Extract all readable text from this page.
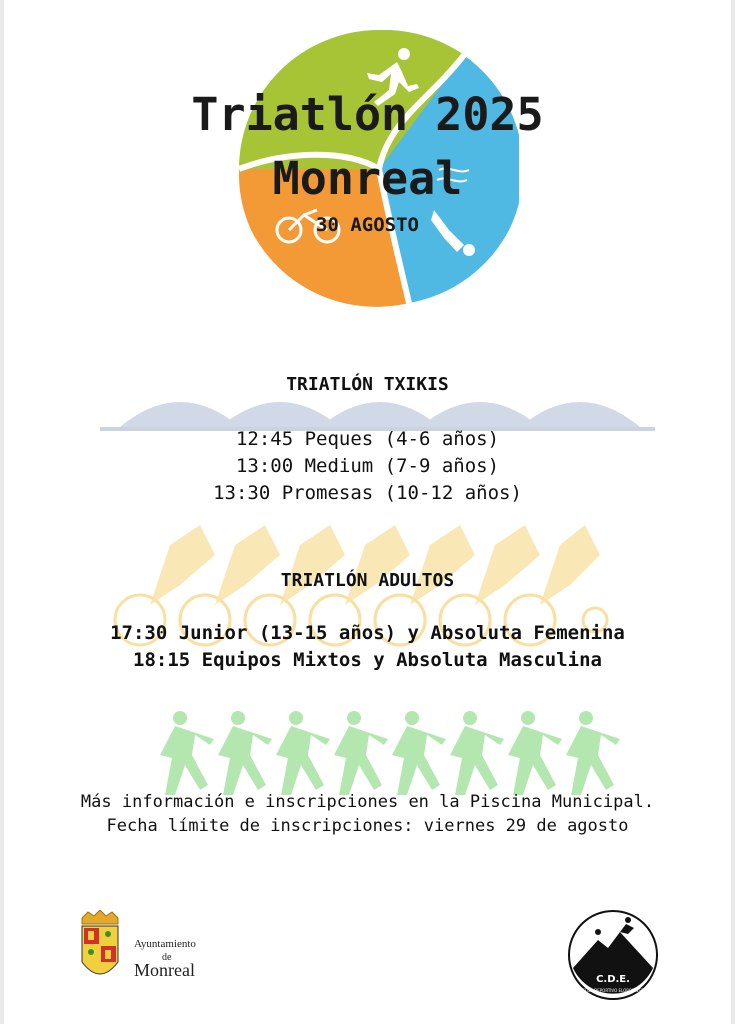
Triatlón 2025
Monreal
30 AGOSTO
TRIATLÓN TXIKIS
12:45 Peques (4-6 años)
13:00 Medium (7-9 años)
13:30 Promesas (10-12 años)
TRIATLÓN ADULTOS
17:30 Junior (13-15 años) y Absoluta Femenina
18:15 Equipos Mixtos y Absoluta Masculina
Más información e inscripciones en la Piscina Municipal.
Fecha límite de inscripciones: viernes 29 de agosto
Ayuntamiento
de
Monreal	C.D.E.
CLUB DEPORTIVO ELORRIENSE
